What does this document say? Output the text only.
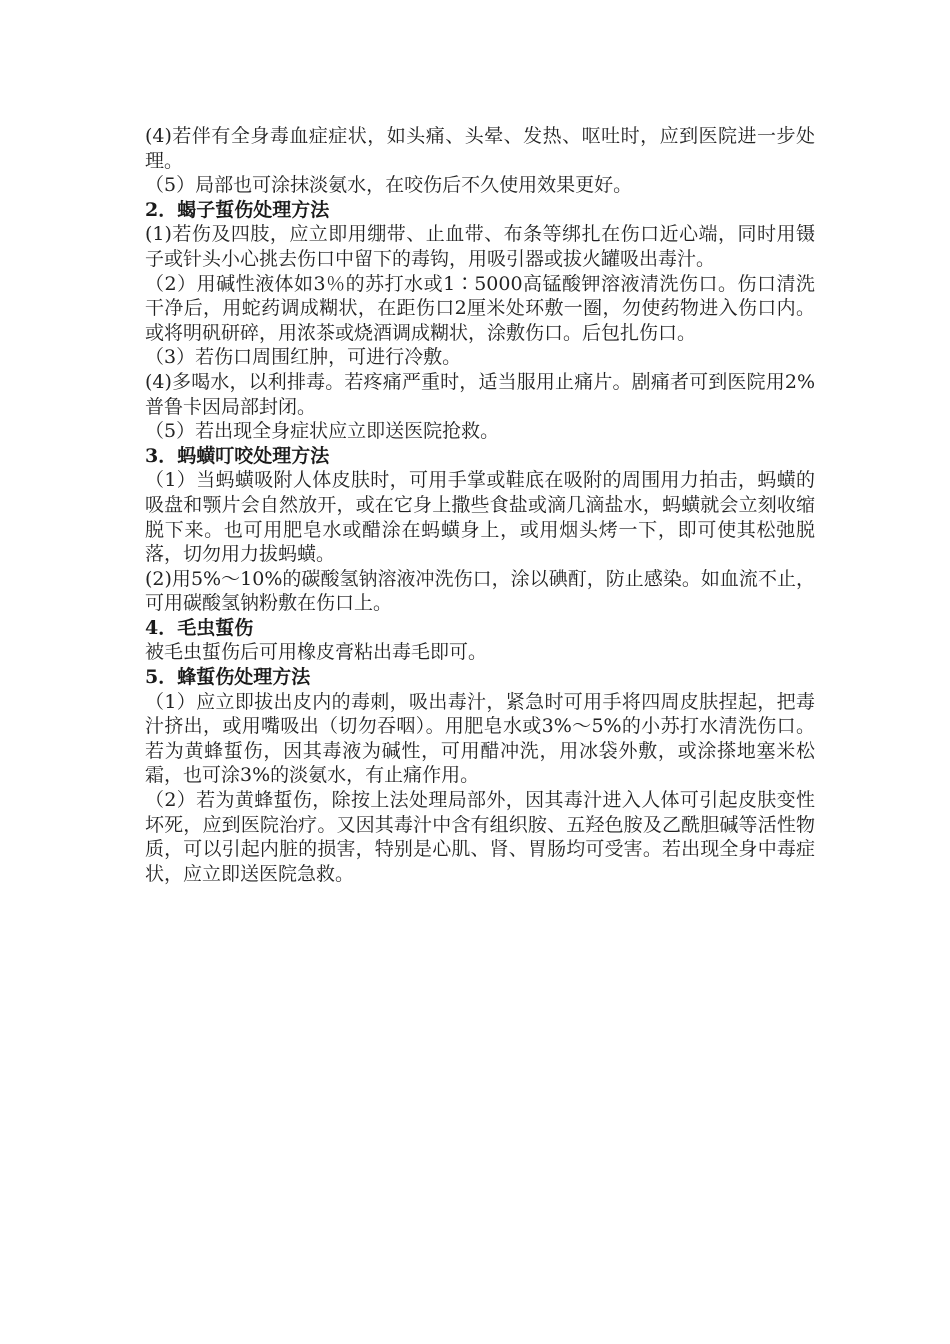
(4)若伴有全身毒血症症状，如头痛、头晕、发热、呕吐时，应到医院进一步处理。

（5）局部也可涂抹淡氨水，在咬伤后不久使用效果更好。

2．蝎子蜇伤处理方法

(1)若伤及四肢，应立即用绷带、止血带、布条等绑扎在伤口近心端，同时用镊子或针头小心挑去伤口中留下的毒钩，用吸引器或拔火罐吸出毒汁。

（2）用碱性液体如3％的苏打水或1∶5000高锰酸钾溶液清洗伤口。伤口清洗干净后，用蛇药调成糊状，在距伤口2厘米处环敷一圈，勿使药物进入伤口内。或将明矾研碎，用浓茶或烧酒调成糊状，涂敷伤口。后包扎伤口。

（3）若伤口周围红肿，可进行冷敷。

(4)多喝水，以利排毒。若疼痛严重时，适当服用止痛片。剧痛者可到医院用2%普鲁卡因局部封闭。

（5）若出现全身症状应立即送医院抢救。

3．蚂蟥叮咬处理方法

（1）当蚂蟥吸附人体皮肤时，可用手掌或鞋底在吸附的周围用力拍击，蚂蟥的吸盘和颚片会自然放开，或在它身上撒些食盐或滴几滴盐水，蚂蟥就会立刻收缩脱下来。也可用肥皂水或醋涂在蚂蟥身上，或用烟头烤一下，即可使其松弛脱落，切勿用力拔蚂蟥。

(2)用5%～10%的碳酸氢钠溶液冲洗伤口，涂以碘酊，防止感染。如血流不止，可用碳酸氢钠粉敷在伤口上。

4．毛虫蜇伤

被毛虫蜇伤后可用橡皮膏粘出毒毛即可。

5．蜂蜇伤处理方法

（1）应立即拔出皮内的毒刺，吸出毒汁，紧急时可用手将四周皮肤捏起，把毒汁挤出，或用嘴吸出（切勿吞咽）。用肥皂水或3%～5%的小苏打水清洗伤口。若为黄蜂蜇伤，因其毒液为碱性，可用醋冲洗，用冰袋外敷，或涂搽地塞米松霜，也可涂3%的淡氨水，有止痛作用。

（2）若为黄蜂蜇伤，除按上法处理局部外，因其毒汁进入人体可引起皮肤变性坏死，应到医院治疗。又因其毒汁中含有组织胺、五羟色胺及乙酰胆碱等活性物质，可以引起内脏的损害，特别是心肌、肾、胃肠均可受害。若出现全身中毒症状，应立即送医院急救。
